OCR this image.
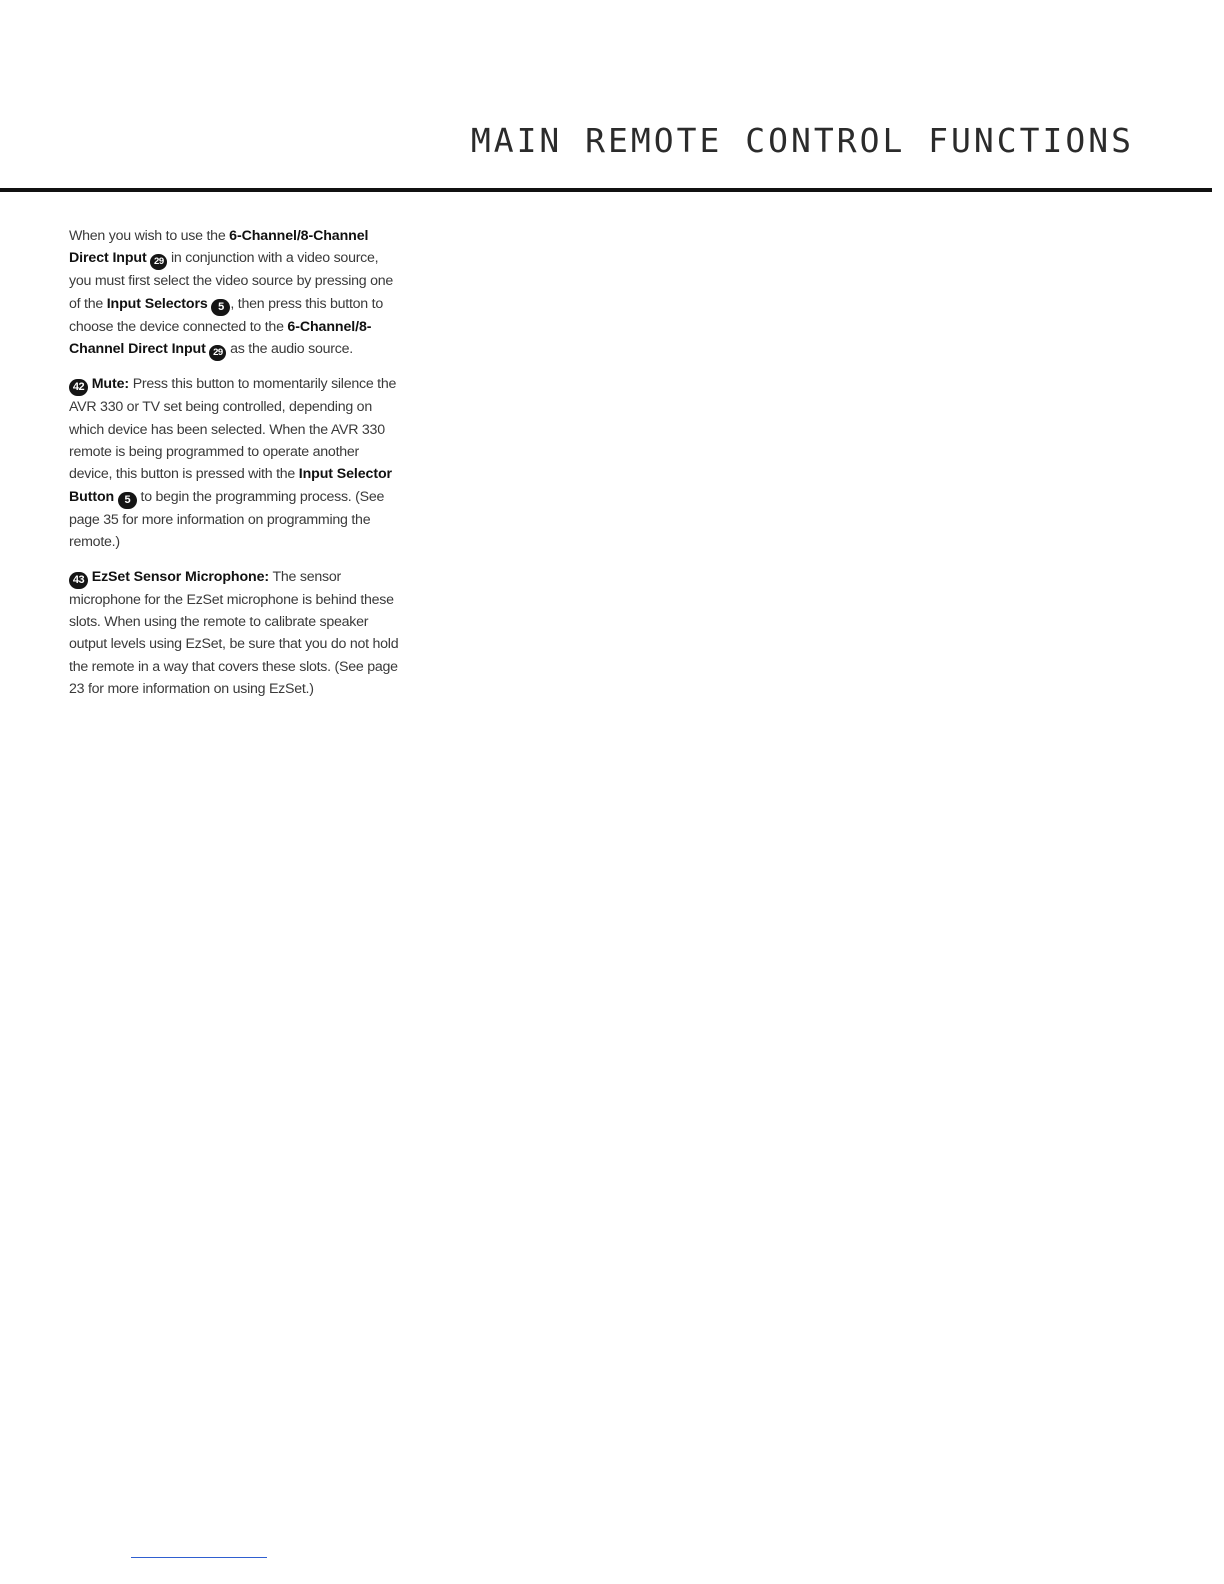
MAIN REMOTE CONTROL FUNCTIONS

When you wish to use the 6-Channel/8-Channel Direct Input 29 in conjunction with a video source, you must first select the video source by pressing one of the Input Selectors 5 , then press this button to choose the device connected to the 6-Channel/8-Channel Direct Input 29 as the audio source.

42 Mute: Press this button to momentarily silence the AVR 330 or TV set being controlled, depending on which device has been selected. When the AVR 330 remote is being programmed to operate another device, this button is pressed with the Input Selector Button 5 to begin the programming process. (See page 35 for more information on programming the remote.)

43 EzSet Sensor Microphone: The sensor microphone for the EzSet microphone is behind these slots. When using the remote to calibrate speaker output levels using EzSet, be sure that you do not hold the remote in a way that covers these slots. (See page 23 for more information on using EzSet.)
